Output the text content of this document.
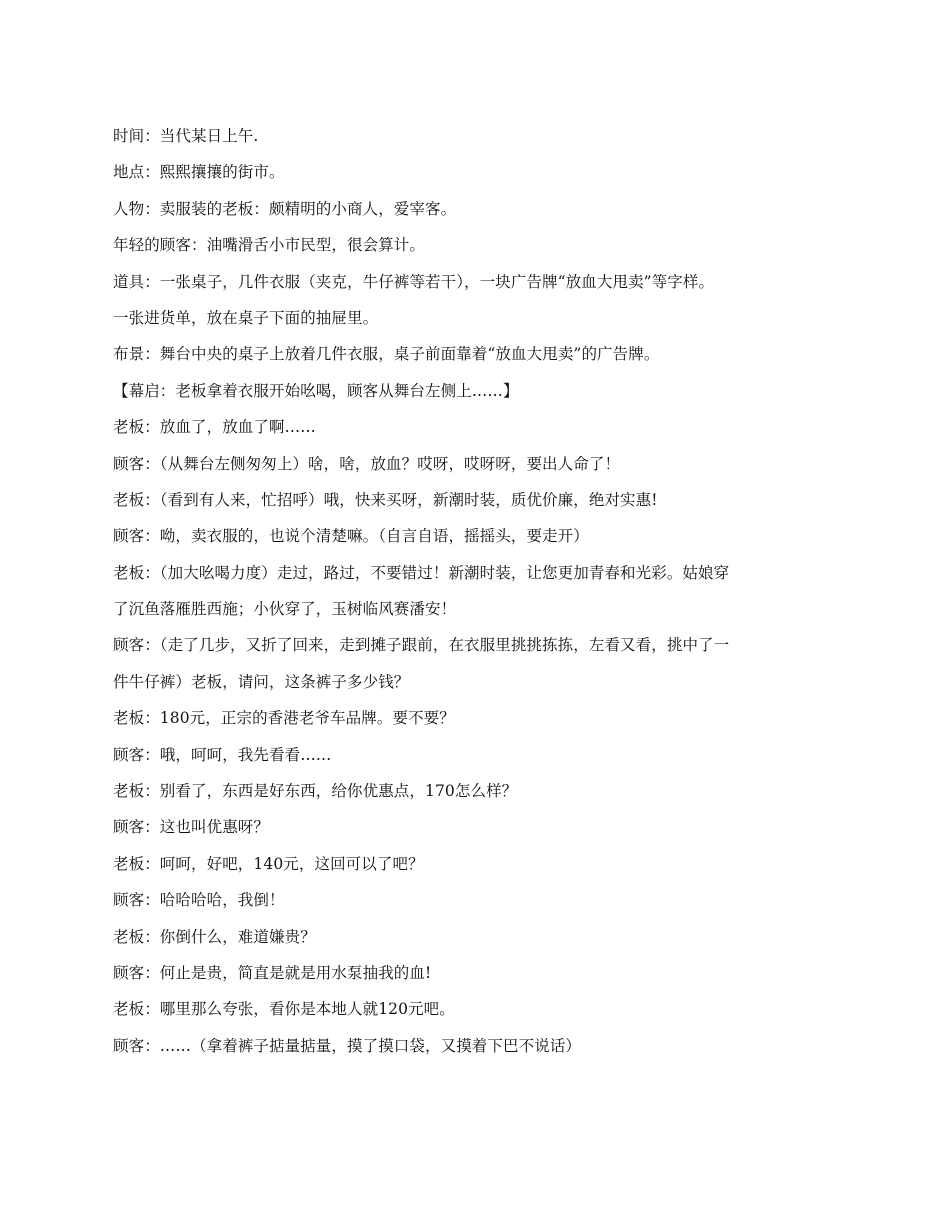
时间：当代某日上午.
地点：熙熙攘攘的街市。
人物：卖服装的老板：颇精明的小商人，爱宰客。
年轻的顾客：油嘴滑舌小市民型，很会算计。
道具：一张桌子，几件衣服（夹克，牛仔裤等若干），一块广告牌“放血大甩卖”等字样。
一张进货单，放在桌子下面的抽屉里。
布景：舞台中央的桌子上放着几件衣服，桌子前面靠着“放血大甩卖”的广告牌。
【幕启：老板拿着衣服开始吆喝，顾客从舞台左侧上……】
老板：放血了，放血了啊……
顾客：（从舞台左侧匆匆上）啥，啥，放血？哎呀，哎呀呀，要出人命了！
老板：（看到有人来，忙招呼）哦，快来买呀，新潮时装，质优价廉，绝对实惠!
顾客：呦，卖衣服的，也说个清楚嘛。（自言自语，摇摇头，要走开）
老板：（加大吆喝力度）走过，路过，不要错过！新潮时装，让您更加青春和光彩。姑娘穿
了沉鱼落雁胜西施；小伙穿了，玉树临风赛潘安！
顾客：（走了几步，又折了回来，走到摊子跟前，在衣服里挑挑拣拣，左看又看，挑中了一
件牛仔裤）老板，请问，这条裤子多少钱？
老板：180元，正宗的香港老爷车品牌。要不要？
顾客：哦，呵呵，我先看看……
老板：别看了，东西是好东西，给你优惠点，170怎么样？
顾客：这也叫优惠呀？
老板：呵呵，好吧，140元，这回可以了吧？
顾客：哈哈哈哈，我倒！
老板：你倒什么，难道嫌贵？
顾客：何止是贵，简直是就是用水泵抽我的血!
老板：哪里那么夸张，看你是本地人就120元吧。
顾客：……（拿着裤子掂量掂量，摸了摸口袋，又摸着下巴不说话）
